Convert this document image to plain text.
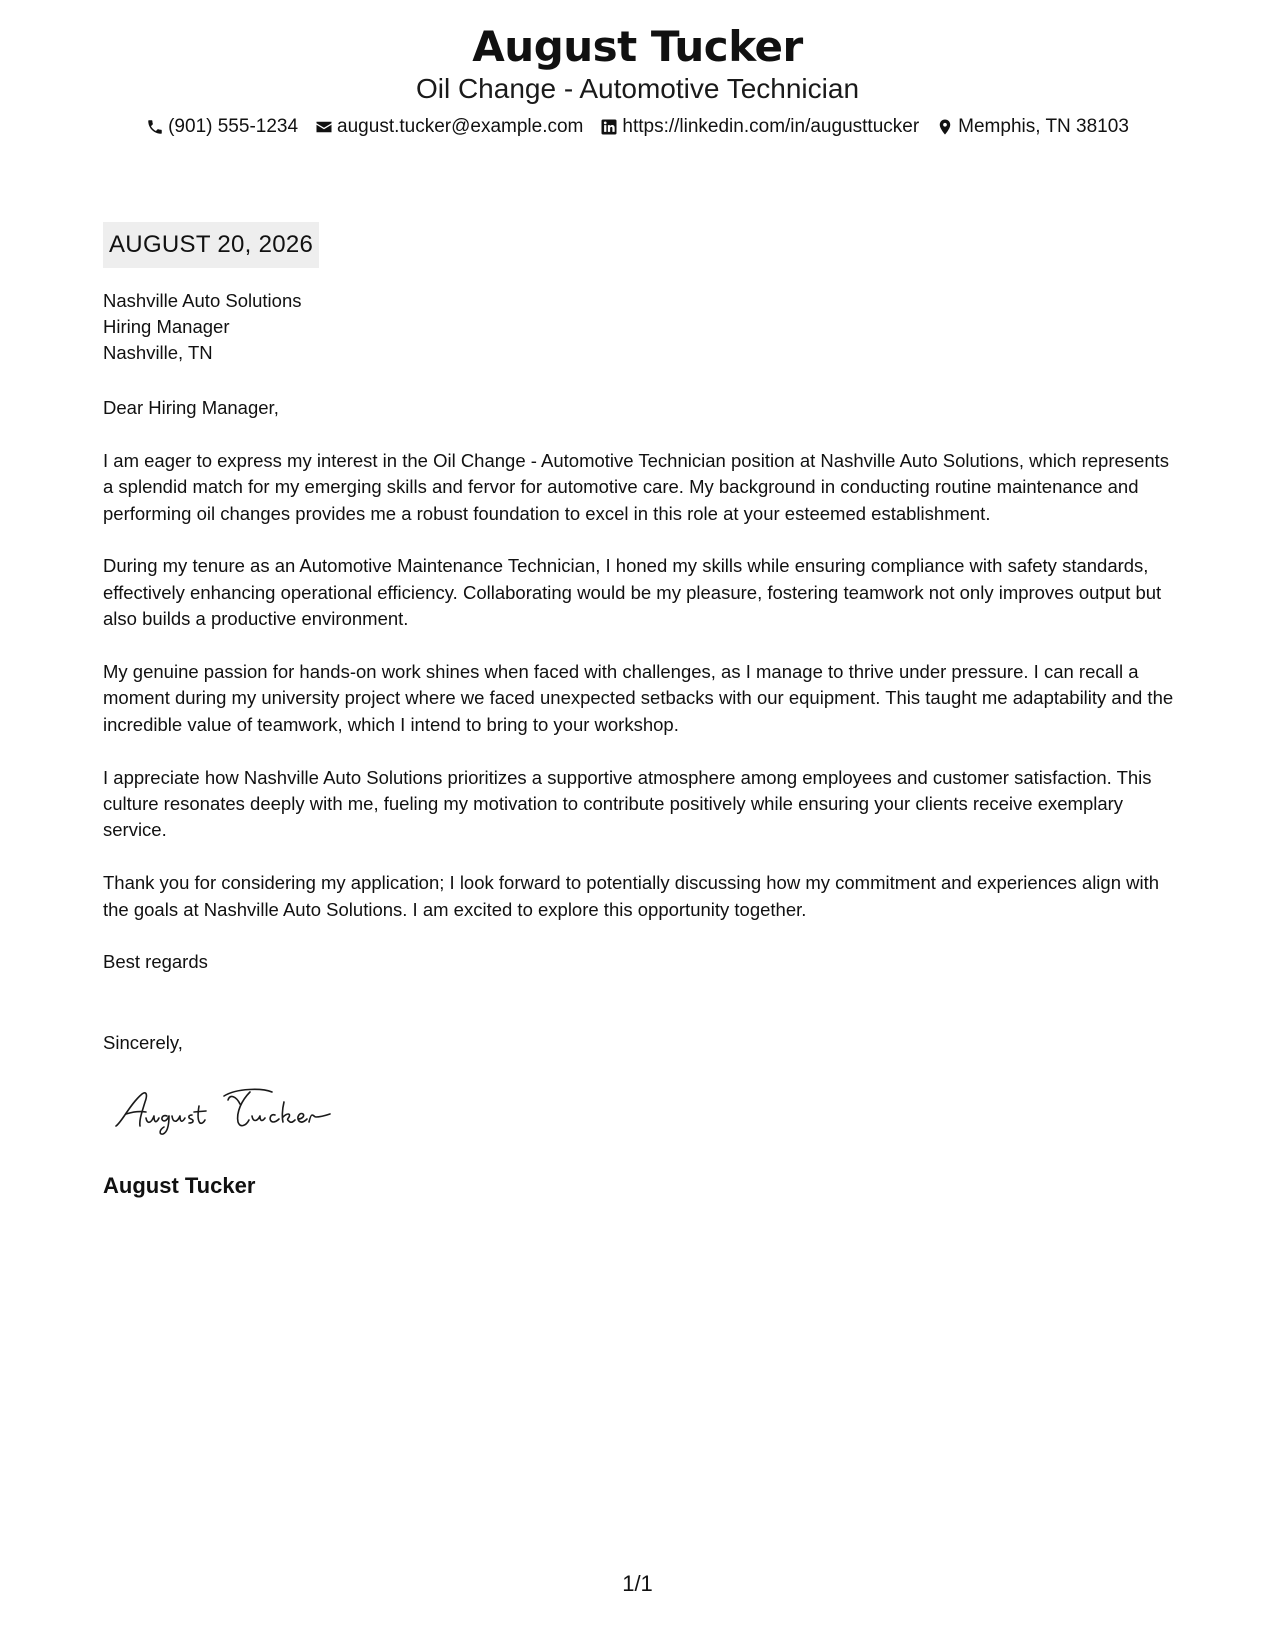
August Tucker
Oil Change - Automotive Technician
(901) 555-1234 august.tucker@example.com https://linkedin.com/in/augusttucker Memphis, TN 38103
AUGUST 20, 2026
Nashville Auto Solutions
Hiring Manager
Nashville, TN

Dear Hiring Manager,

I am eager to express my interest in the Oil Change - Automotive Technician position at Nashville Auto Solutions, which represents a splendid match for my emerging skills and fervor for automotive care. My background in conducting routine maintenance and performing oil changes provides me a robust foundation to excel in this role at your esteemed establishment.

During my tenure as an Automotive Maintenance Technician, I honed my skills while ensuring compliance with safety standards, effectively enhancing operational efficiency. Collaborating would be my pleasure, fostering teamwork not only improves output but also builds a productive environment.

My genuine passion for hands-on work shines when faced with challenges, as I manage to thrive under pressure. I can recall a moment during my university project where we faced unexpected setbacks with our equipment. This taught me adaptability and the incredible value of teamwork, which I intend to bring to your workshop.

I appreciate how Nashville Auto Solutions prioritizes a supportive atmosphere among employees and customer satisfaction. This culture resonates deeply with me, fueling my motivation to contribute positively while ensuring your clients receive exemplary service.

Thank you for considering my application; I look forward to potentially discussing how my commitment and experiences align with the goals at Nashville Auto Solutions. I am excited to explore this opportunity together.

Best regards

Sincerely,
August Tucker
1/1
